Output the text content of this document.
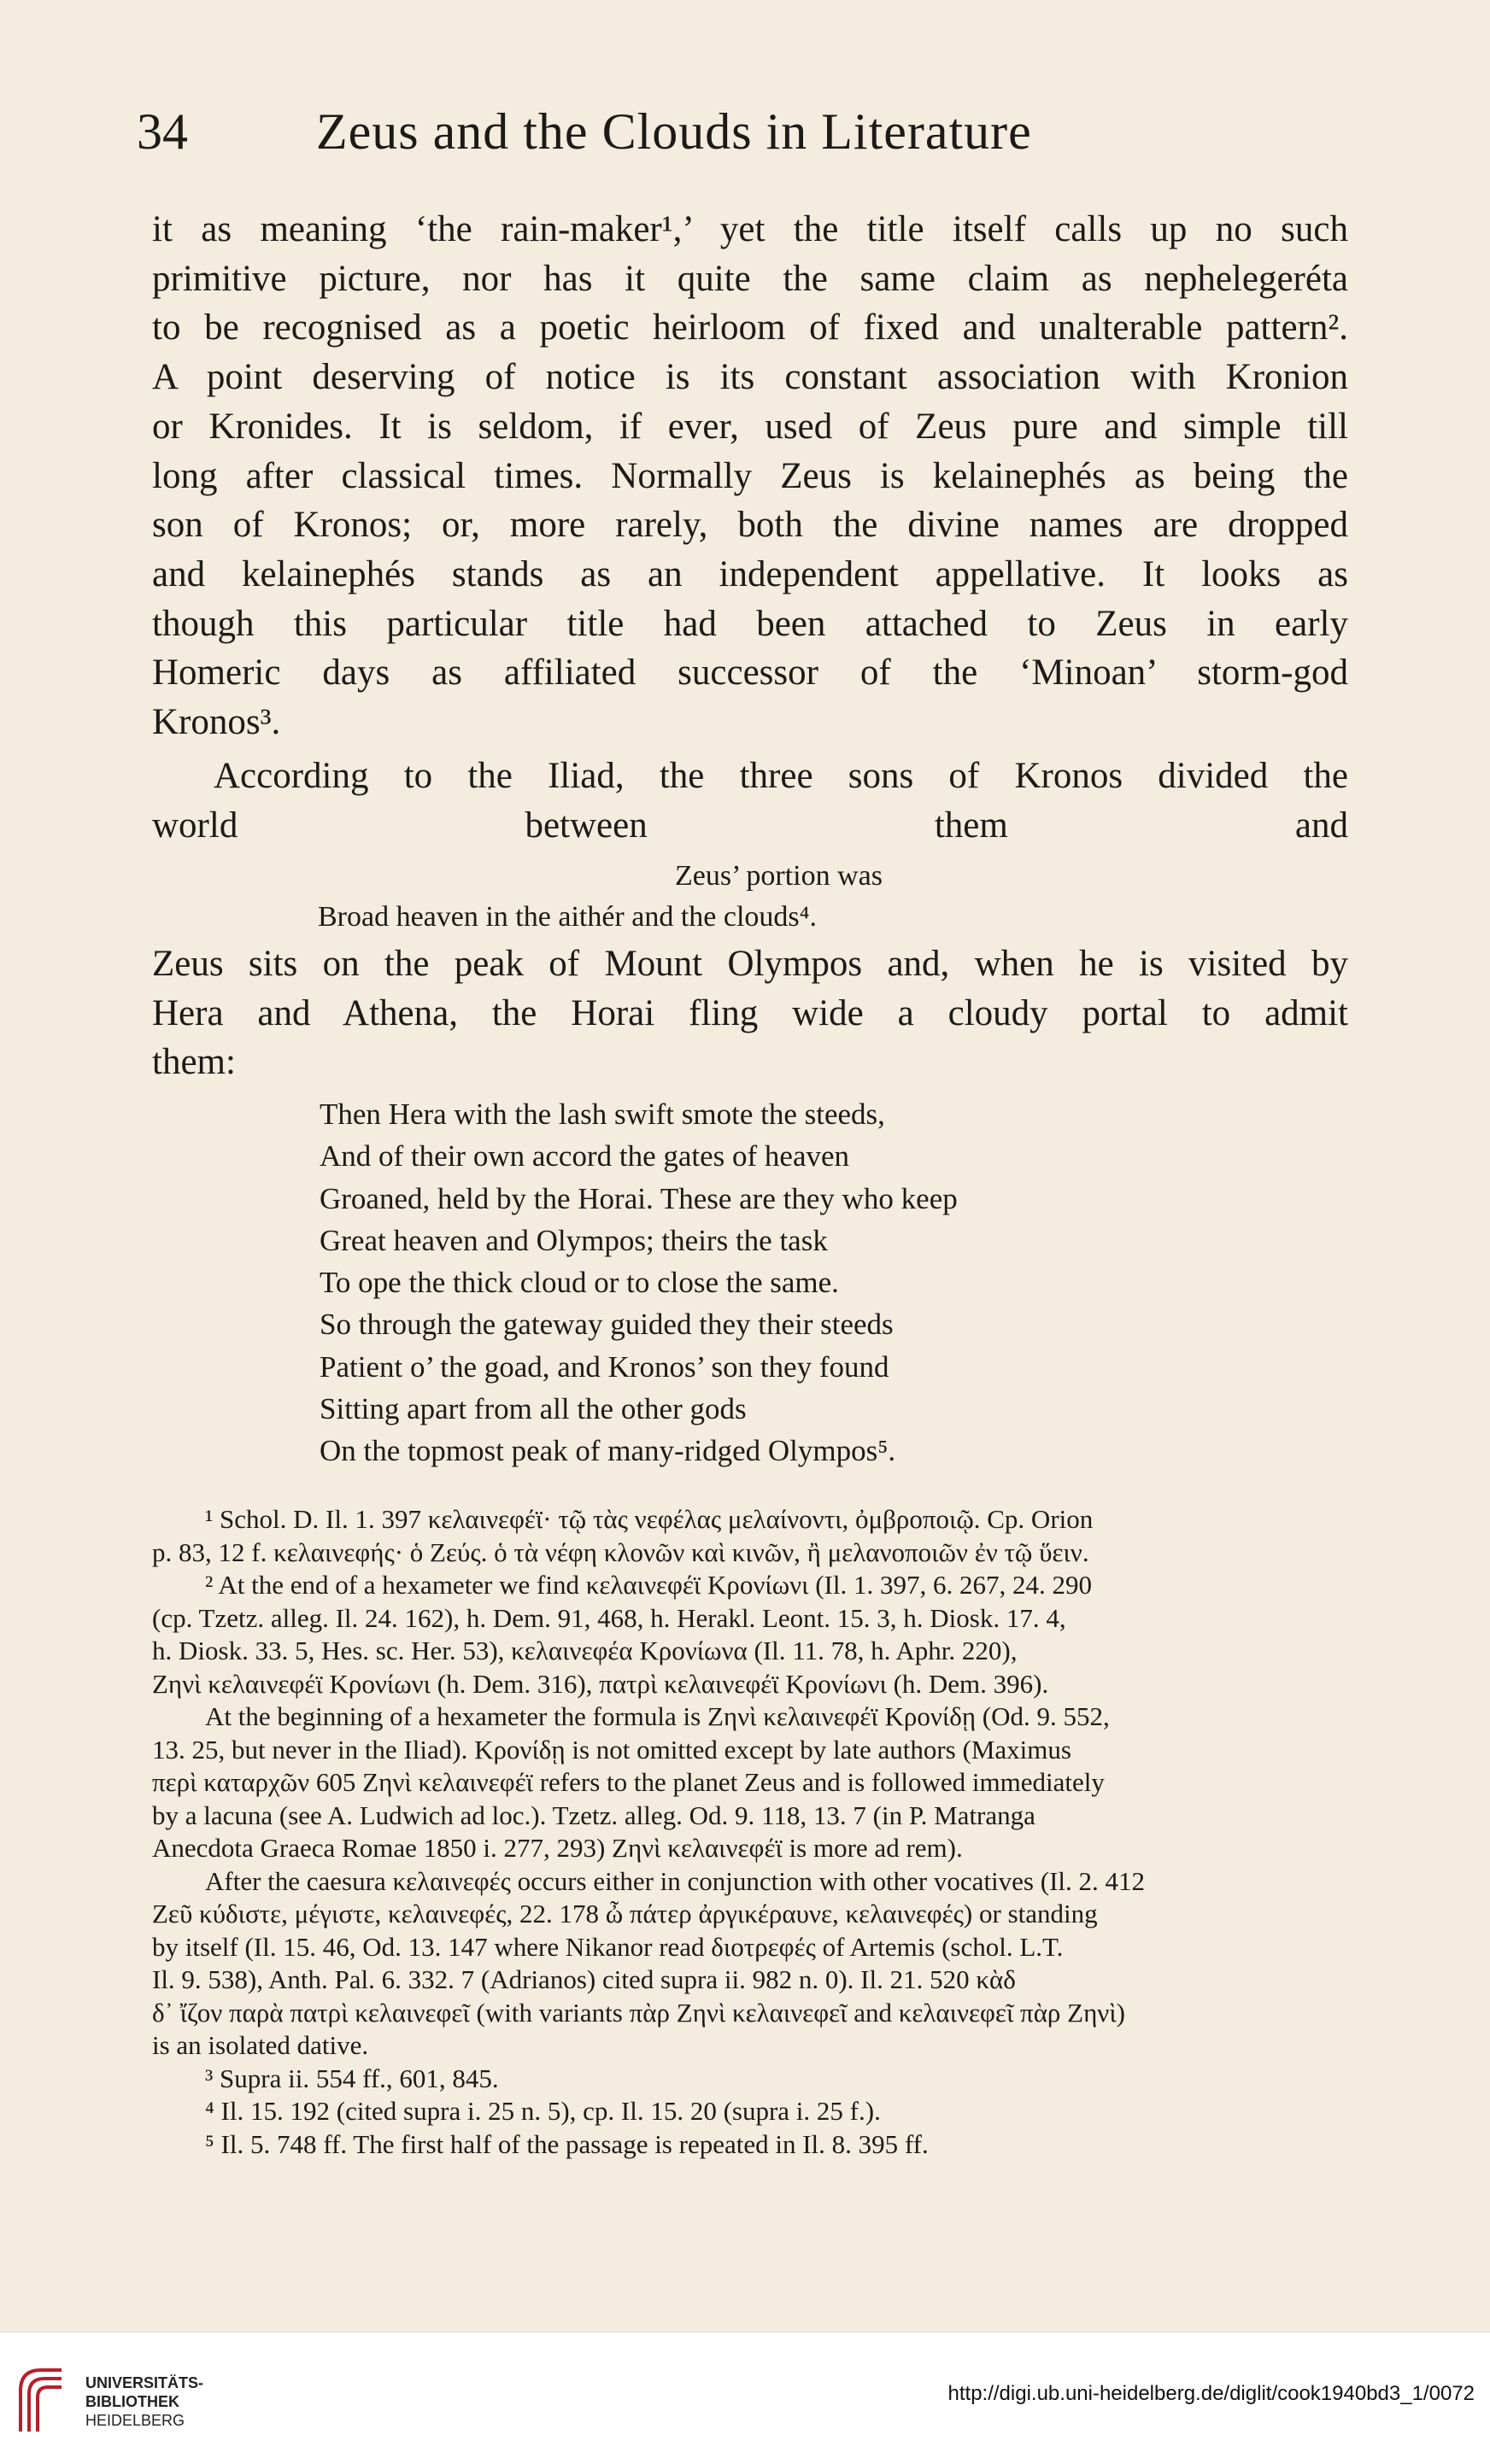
34	Zeus and the Clouds in Literature
it as meaning ‘the rain-maker¹,’ yet the title itself calls up no such
primitive picture, nor has it quite the same claim as nephelegeréta
to be recognised as a poetic heirloom of fixed and unalterable pattern².
A point deserving of notice is its constant association with Kronion
or Kronides. It is seldom, if ever, used of Zeus pure and simple till
long after classical times. Normally Zeus is kelainephés as being the
son of Kronos; or, more rarely, both the divine names are dropped
and kelainephés stands as an independent appellative. It looks as
though this particular title had been attached to Zeus in early
Homeric days as affiliated successor of the ‘Minoan’ storm-god
Kronos³.
According to the Iliad, the three sons of Kronos divided the
world between them and
Zeus’ portion was
Broad heaven in the aithér and the clouds⁴.
Zeus sits on the peak of Mount Olympos and, when he is visited by
Hera and Athena, the Horai fling wide a cloudy portal to admit
them:
Then Hera with the lash swift smote the steeds,
And of their own accord the gates of heaven
Groaned, held by the Horai. These are they who keep
Great heaven and Olympos; theirs the task
To ope the thick cloud or to close the same.
So through the gateway guided they their steeds
Patient o’ the goad, and Kronos’ son they found
Sitting apart from all the other gods
On the topmost peak of many-ridged Olympos⁵.
¹ Schol. D. Il. 1. 397 κελαινεφέϊ· τῷ τὰς νεφέλας μελαίνοντι, ὀμβροποιῷ. Cp. Orion
p. 83, 12 f. κελαινεφής· ὁ Ζεύς. ὁ τὰ νέφη κλονῶν καὶ κινῶν, ἢ μελανοποιῶν ἐν τῷ ὕειν.
² At the end of a hexameter we find κελαινεφέϊ Κρονίωνι (Il. 1. 397, 6. 267, 24. 290
(cp. Tzetz. alleg. Il. 24. 162), h. Dem. 91, 468, h. Herakl. Leont. 15. 3, h. Diosk. 17. 4,
h. Diosk. 33. 5, Hes. sc. Her. 53), κελαινεφέα Κρονίωνα (Il. 11. 78, h. Aphr. 220),
Ζηνὶ κελαινεφέϊ Κρονίωνι (h. Dem. 316), πατρὶ κελαινεφέϊ Κρονίωνι (h. Dem. 396).
At the beginning of a hexameter the formula is Ζηνὶ κελαινεφέϊ Κρονίδῃ (Od. 9. 552,
13. 25, but never in the Iliad). Κρονίδῃ is not omitted except by late authors (Maximus
περὶ καταρχῶν 605 Ζηνὶ κελαινεφέϊ refers to the planet Zeus and is followed immediately
by a lacuna (see A. Ludwich ad loc.). Tzetz. alleg. Od. 9. 118, 13. 7 (in P. Matranga
Anecdota Graeca Romae 1850 i. 277, 293) Ζηνὶ κελαινεφέϊ is more ad rem).
After the caesura κελαινεφές occurs either in conjunction with other vocatives (Il. 2. 412
Ζεῦ κύδιστε, μέγιστε, κελαινεφές, 22. 178 ὦ πάτερ ἀργικέραυνε, κελαινεφές) or standing
by itself (Il. 15. 46, Od. 13. 147 where Nikanor read διοτρεφές of Artemis (schol. L.T.
Il. 9. 538), Anth. Pal. 6. 332. 7 (Adrianos) cited supra ii. 982 n. 0). Il. 21. 520 κὰδ
δ᾽ ἴζον παρὰ πατρὶ κελαινεφεῖ (with variants πὰρ Ζηνὶ κελαινεφεῖ and κελαινεφεῖ πὰρ Ζηνὶ)
is an isolated dative.
³ Supra ii. 554 ff., 601, 845.
⁴ Il. 15. 192 (cited supra i. 25 n. 5), cp. Il. 15. 20 (supra i. 25 f.).
⁵ Il. 5. 748 ff. The first half of the passage is repeated in Il. 8. 395 ff.
UNIVERSITÄTS-
BIBLIOTHEK
HEIDELBERG
http://digi.ub.uni-heidelberg.de/diglit/cook1940bd3_1/0072
